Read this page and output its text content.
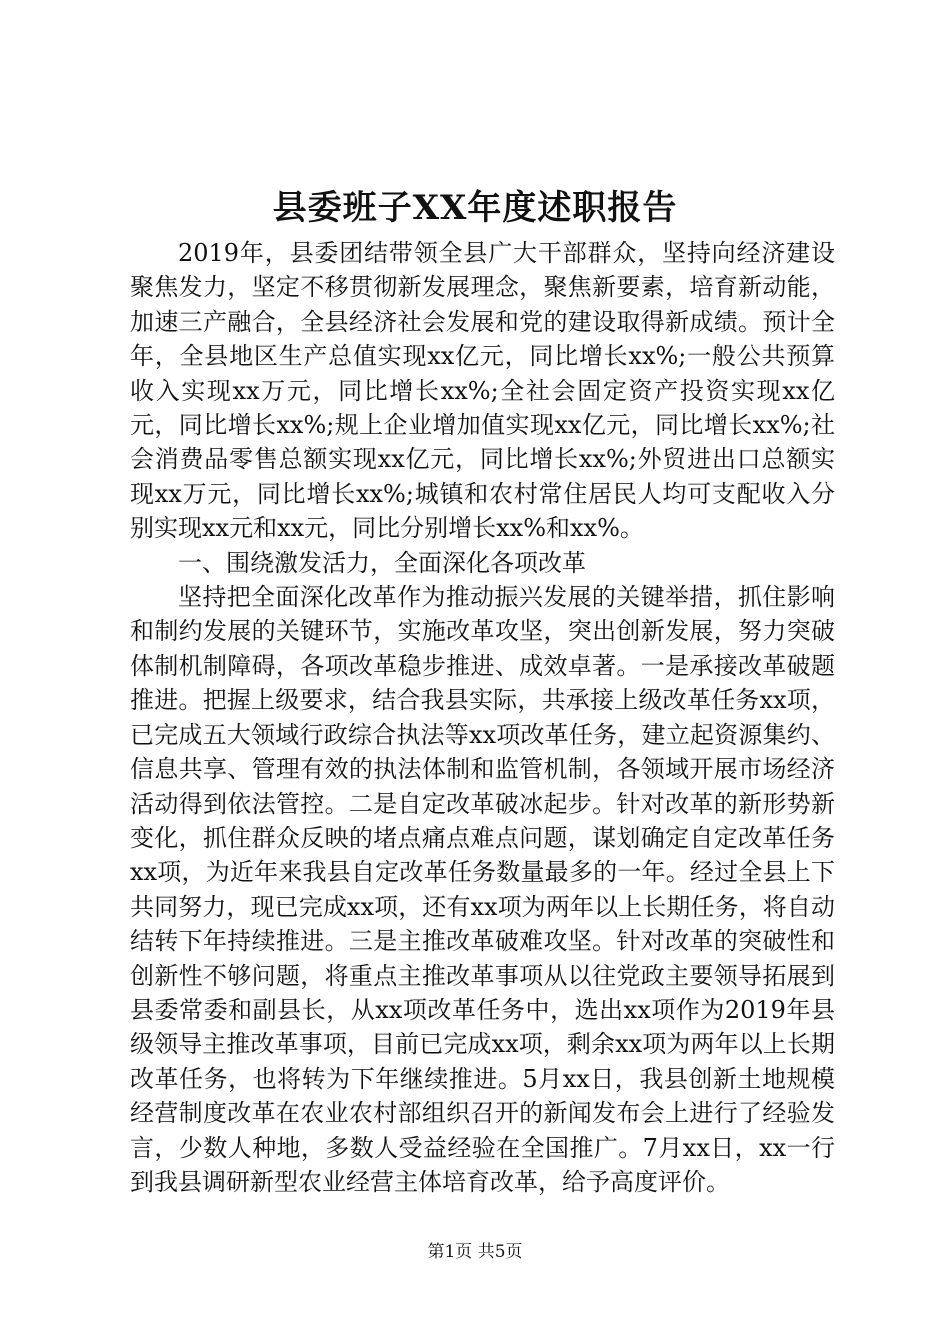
县委班子XX年度述职报告

2019年，县委团结带领全县广大干部群众，坚持向经济建设聚焦发力，坚定不移贯彻新发展理念，聚焦新要素，培育新动能，加速三产融合，全县经济社会发展和党的建设取得新成绩。预计全年，全县地区生产总值实现xx亿元，同比增长xx%;一般公共预算收入实现xx万元，同比增长xx%;全社会固定资产投资实现xx亿元，同比增长xx%;规上企业增加值实现xx亿元，同比增长xx%;社会消费品零售总额实现xx亿元，同比增长xx%;外贸进出口总额实现xx万元，同比增长xx%;城镇和农村常住居民人均可支配收入分别实现xx元和xx元，同比分别增长xx%和xx%。

一、围绕激发活力，全面深化各项改革

坚持把全面深化改革作为推动振兴发展的关键举措，抓住影响和制约发展的关键环节，实施改革攻坚，突出创新发展，努力突破体制机制障碍，各项改革稳步推进、成效卓著。一是承接改革破题推进。把握上级要求，结合我县实际，共承接上级改革任务xx项，已完成五大领域行政综合执法等xx项改革任务，建立起资源集约、信息共享、管理有效的执法体制和监管机制，各领域开展市场经济活动得到依法管控。二是自定改革破冰起步。针对改革的新形势新变化，抓住群众反映的堵点痛点难点问题，谋划确定自定改革任务xx项，为近年来我县自定改革任务数量最多的一年。经过全县上下共同努力，现已完成xx项，还有xx项为两年以上长期任务，将自动结转下年持续推进。三是主推改革破难攻坚。针对改革的突破性和创新性不够问题，将重点主推改革事项从以往党政主要领导拓展到县委常委和副县长，从xx项改革任务中，选出xx项作为2019年县级领导主推改革事项，目前已完成xx项，剩余xx项为两年以上长期改革任务，也将转为下年继续推进。5月xx日，我县创新土地规模经营制度改革在农业农村部组织召开的新闻发布会上进行了经验发言，少数人种地，多数人受益经验在全国推广。7月xx日，xx一行到我县调研新型农业经营主体培育改革，给予高度评价。

第1页 共5页
